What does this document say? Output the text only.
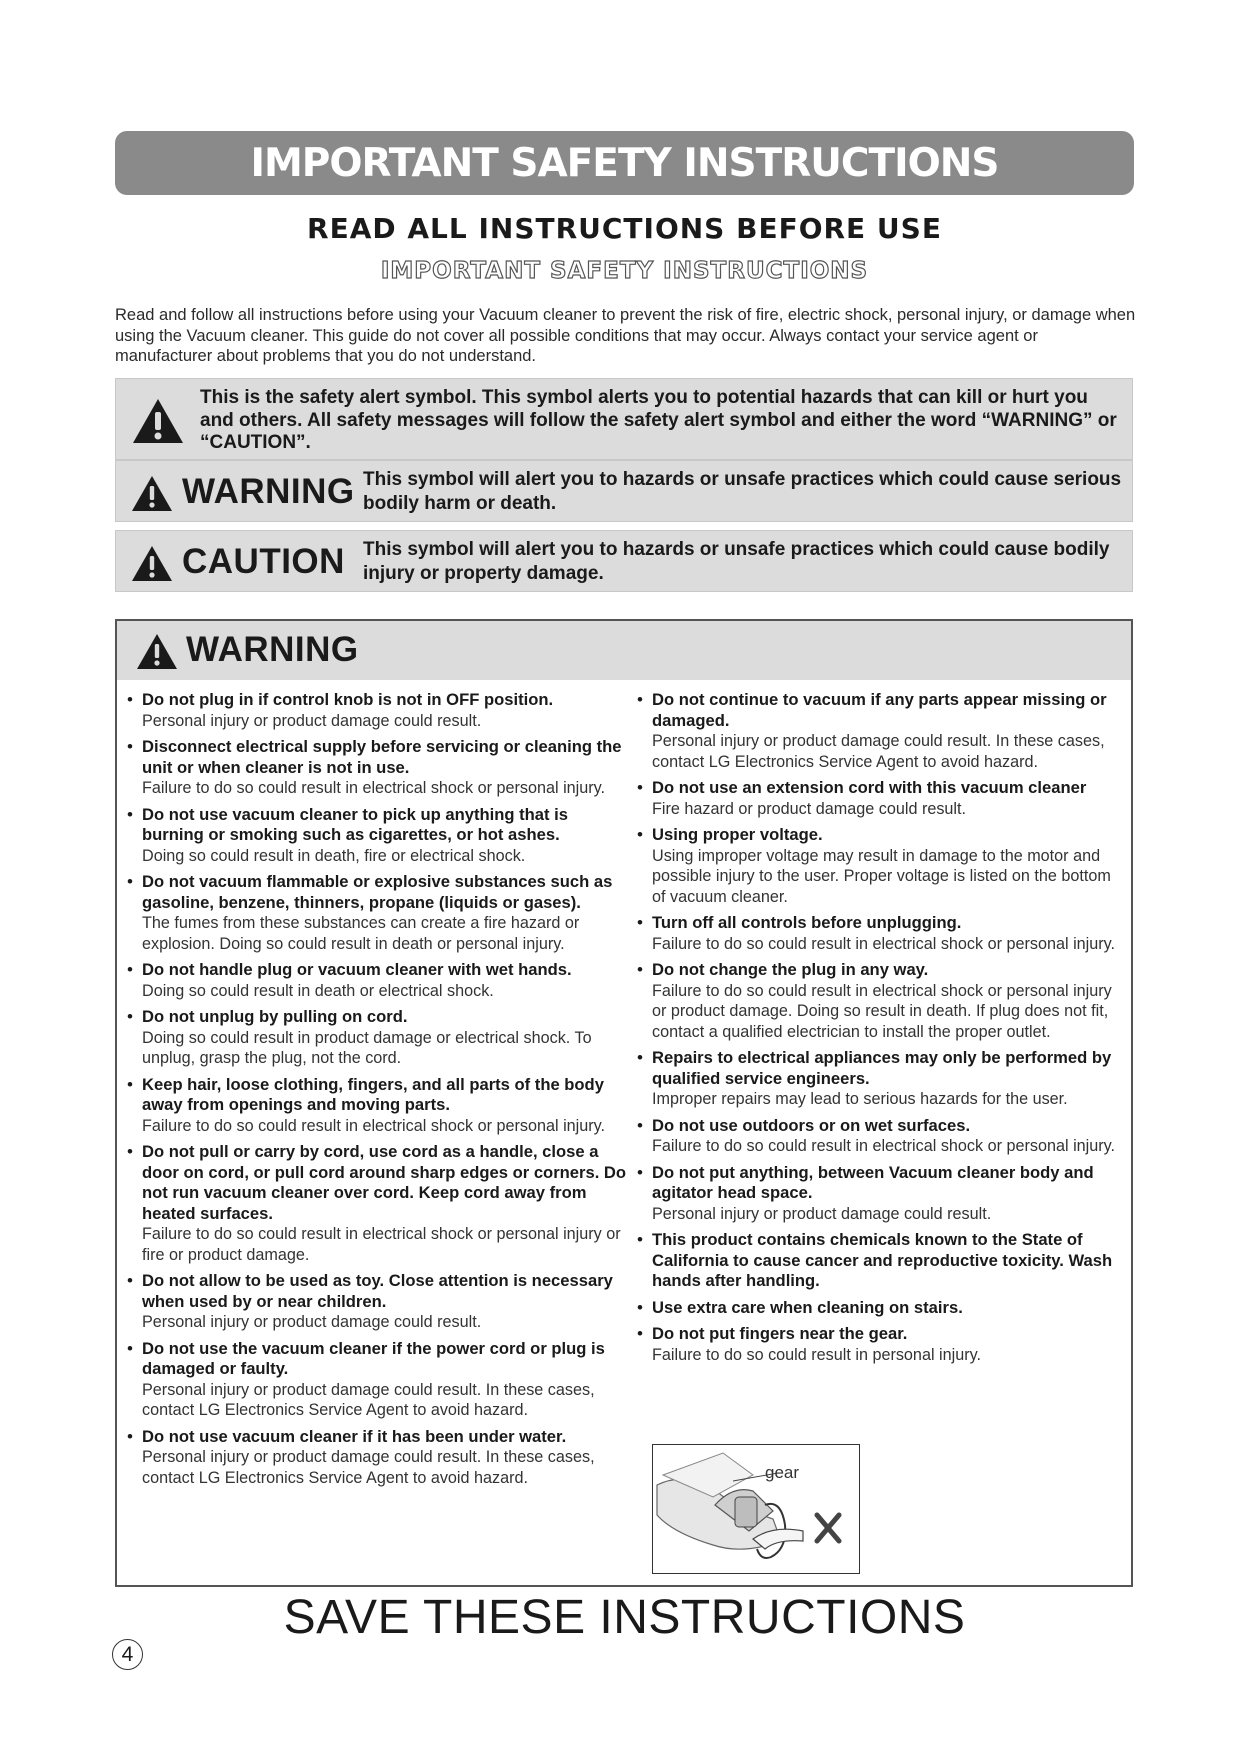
IMPORTANT SAFETY INSTRUCTIONS
READ ALL INSTRUCTIONS BEFORE USE
IMPORTANT SAFETY INSTRUCTIONS
Read and follow all instructions before using your Vacuum cleaner to prevent the risk of fire, electric shock, personal injury, or damage when using the Vacuum cleaner. This guide do not cover all possible conditions that may occur. Always contact your service agent or manufacturer about problems that you do not understand.
This is the safety alert symbol. This symbol alerts you to potential hazards that can kill or hurt you and others. All safety messages will follow the safety alert symbol and either the word “WARNING” or “CAUTION”.
WARNING This symbol will alert you to hazards or unsafe practices which could cause serious bodily harm or death.
CAUTION This symbol will alert you to hazards or unsafe practices which could cause bodily injury or property damage.
WARNING
• Do not plug in if control knob is not in OFF position.
Personal injury or product damage could result.
• Disconnect electrical supply before servicing or cleaning the unit or when cleaner is not in use.
Failure to do so could result in electrical shock or personal injury.
• Do not use vacuum cleaner to pick up anything that is burning or smoking such as cigarettes, or hot ashes.
Doing so could result in death, fire or electrical shock.
• Do not vacuum flammable or explosive substances such as gasoline, benzene, thinners, propane (liquids or gases).
The fumes from these substances can create a fire hazard or explosion. Doing so could result in death or personal injury.
• Do not handle plug or vacuum cleaner with wet hands.
Doing so could result in death or electrical shock.
• Do not unplug by pulling on cord.
Doing so could result in product damage or electrical shock. To unplug, grasp the plug, not the cord.
• Keep hair, loose clothing, fingers, and all parts of the body away from openings and moving parts.
Failure to do so could result in electrical shock or personal injury.
• Do not pull or carry by cord, use cord as a handle, close a door on cord, or pull cord around sharp edges or corners. Do not run vacuum cleaner over cord. Keep cord away from heated surfaces.
Failure to do so could result in electrical shock or personal injury or fire or product damage.
• Do not allow to be used as toy. Close attention is necessary when used by or near children.
Personal injury or product damage could result.
• Do not use the vacuum cleaner if the power cord or plug is damaged or faulty.
Personal injury or product damage could result. In these cases, contact LG Electronics Service Agent to avoid hazard.
• Do not use vacuum cleaner if it has been under water.
Personal injury or product damage could result. In these cases, contact LG Electronics Service Agent to avoid hazard.
• Do not continue to vacuum if any parts appear missing or damaged.
Personal injury or product damage could result. In these cases, contact LG Electronics Service Agent to avoid hazard.
• Do not use an extension cord with this vacuum cleaner
Fire hazard or product damage could result.
• Using proper voltage.
Using improper voltage may result in damage to the motor and possible injury to the user. Proper voltage is listed on the bottom of vacuum cleaner.
• Turn off all controls before unplugging.
Failure to do so could result in electrical shock or personal injury.
• Do not change the plug in any way.
Failure to do so could result in electrical shock or personal injury or product damage. Doing so result in death. If plug does not fit, contact a qualified electrician to install the proper outlet.
• Repairs to electrical appliances may only be performed by qualified service engineers.
Improper repairs may lead to serious hazards for the user.
• Do not use outdoors or on wet surfaces.
Failure to do so could result in electrical shock or personal injury.
• Do not put anything, between Vacuum cleaner body and agitator head space.
Personal injury or product damage could result.
• This product contains chemicals known to the State of California to cause cancer and reproductive toxicity. Wash hands after handling.
• Use extra care when cleaning on stairs.
• Do not put fingers near the gear.
Failure to do so could result in personal injury.
gear
SAVE THESE INSTRUCTIONS
4
